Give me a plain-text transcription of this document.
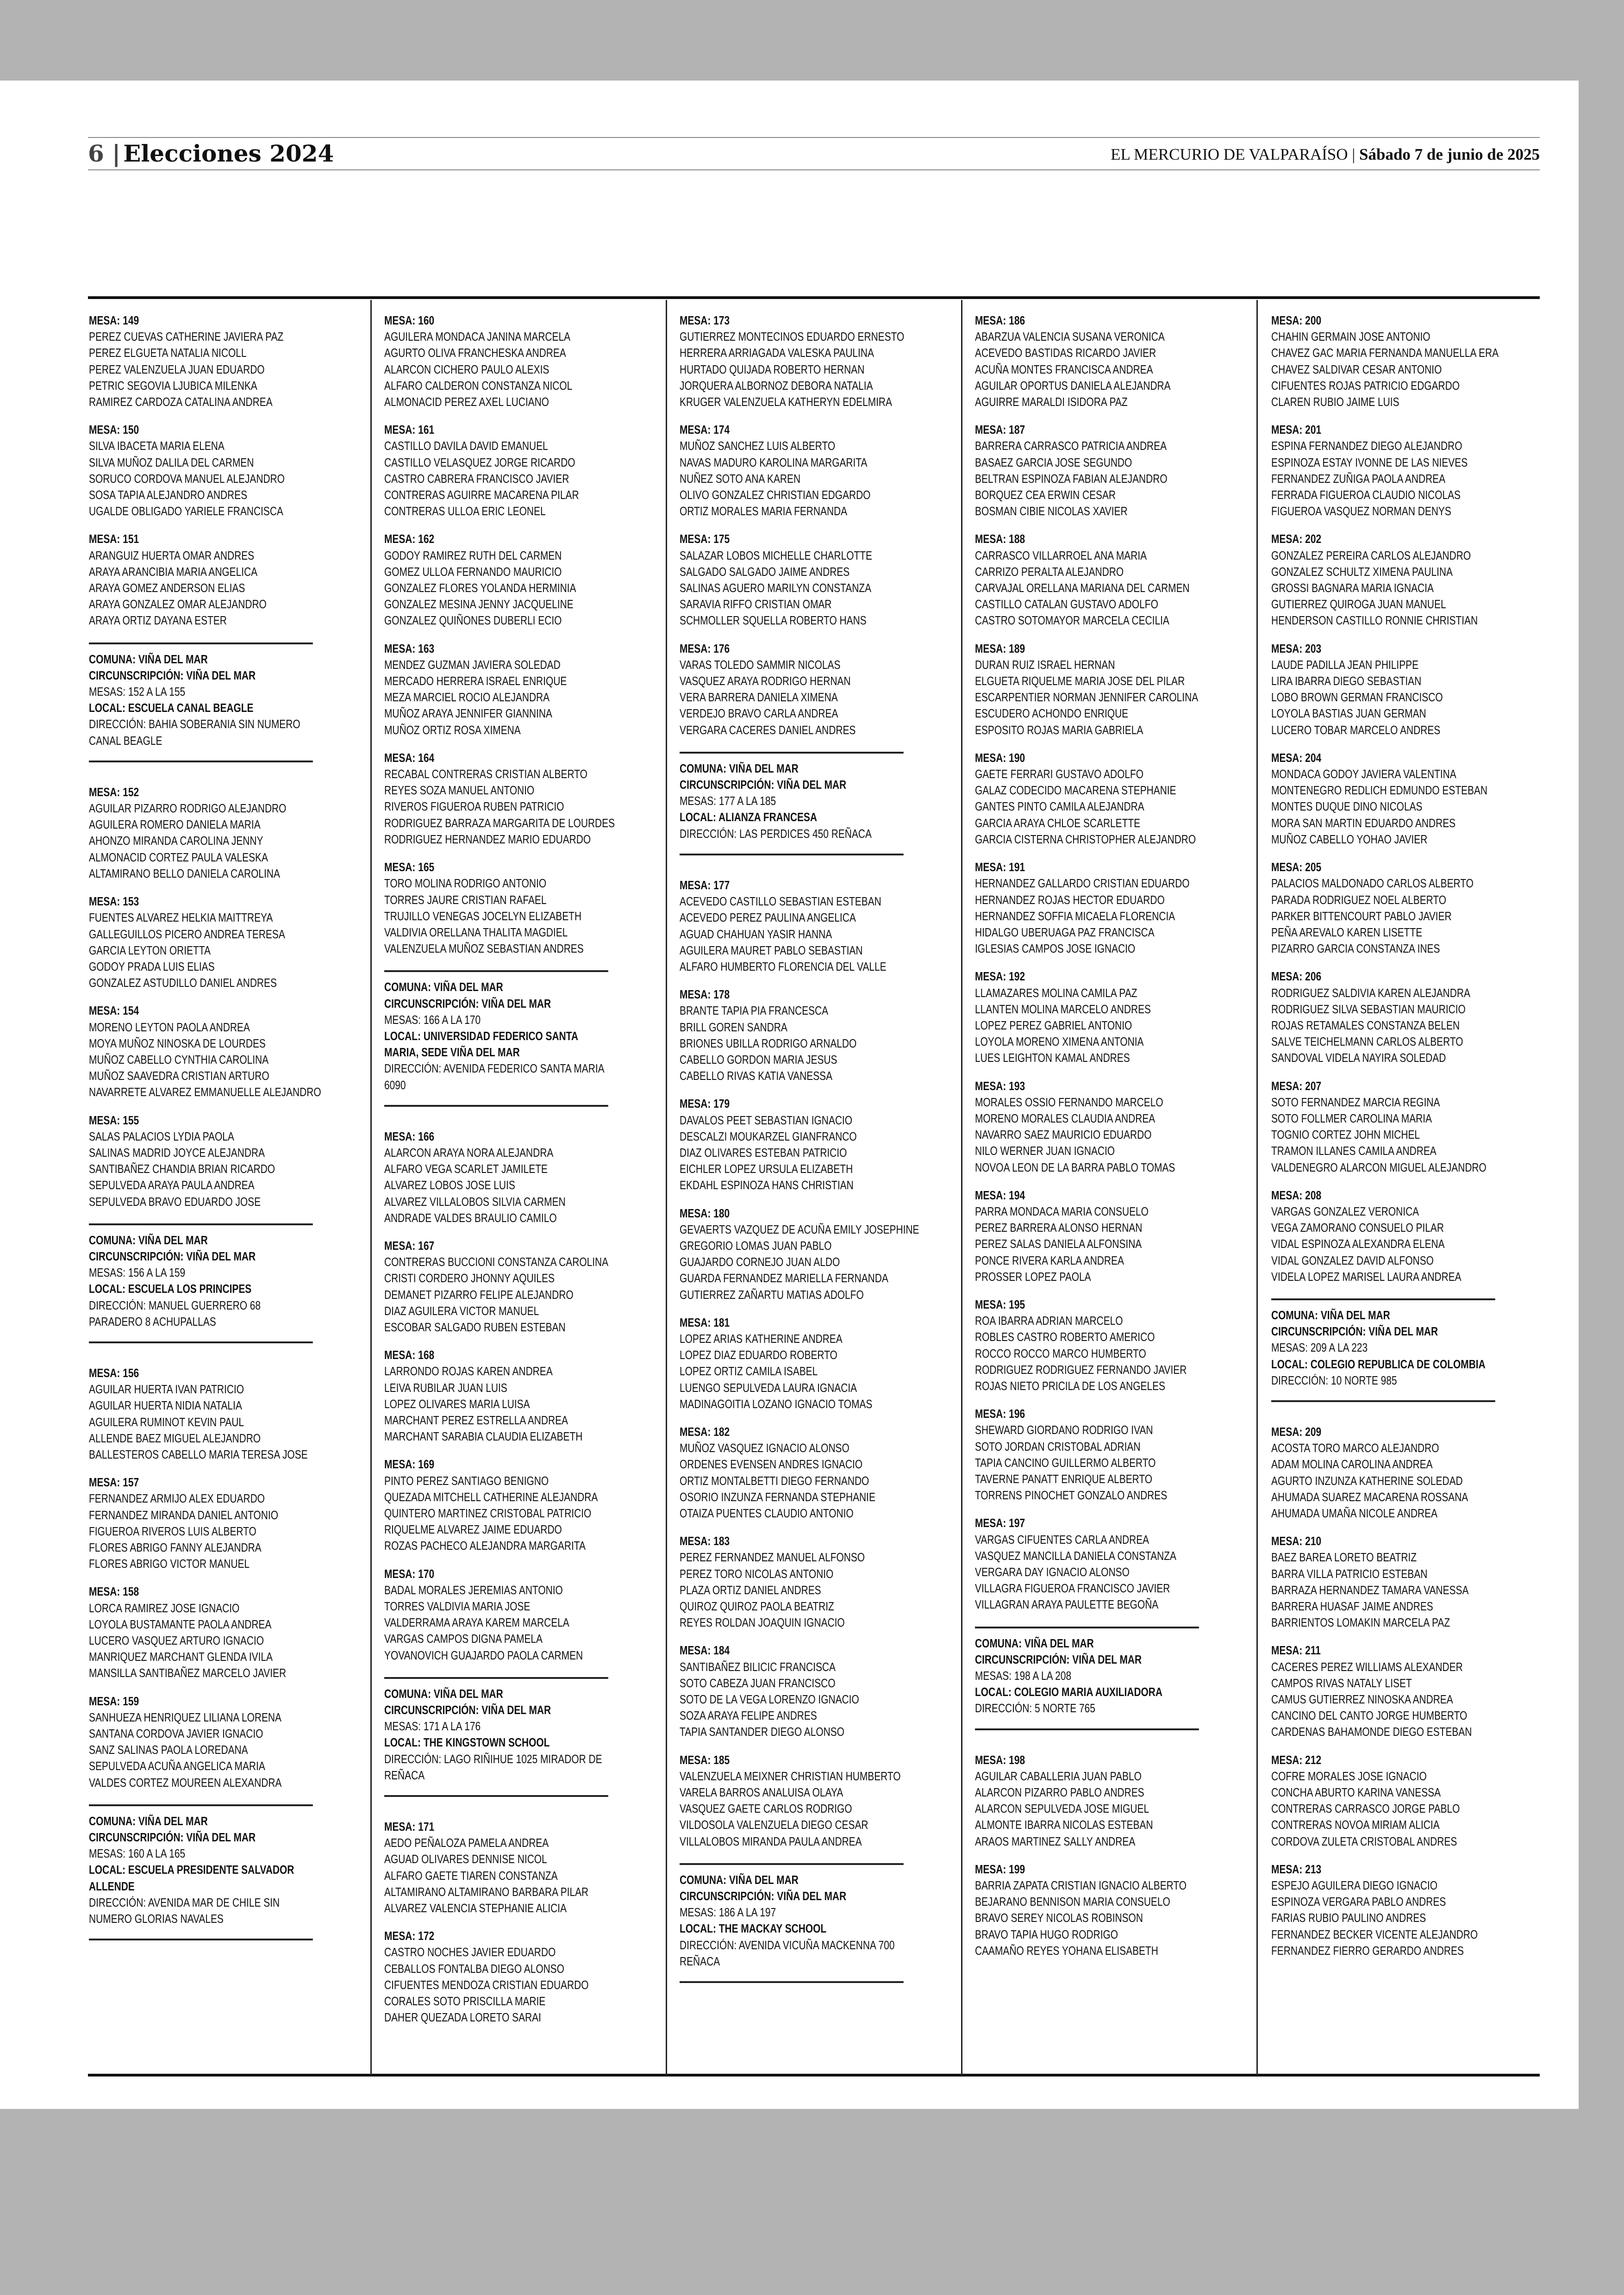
6 | Elecciones 2024	EL MERCURIO DE VALPARAÍSO | Sábado 7 de junio de 2025
MESA: 149
PEREZ CUEVAS CATHERINE JAVIERA PAZ
PEREZ ELGUETA NATALIA NICOLL
PEREZ VALENZUELA JUAN EDUARDO
PETRIC SEGOVIA LJUBICA MILENKA
RAMIREZ CARDOZA CATALINA ANDREA
MESA: 150
SILVA IBACETA MARIA ELENA
SILVA MUÑOZ DALILA DEL CARMEN
SORUCO CORDOVA MANUEL ALEJANDRO
SOSA TAPIA ALEJANDRO ANDRES
UGALDE OBLIGADO YARIELE FRANCISCA
MESA: 151
ARANGUIZ HUERTA OMAR ANDRES
ARAYA ARANCIBIA MARIA ANGELICA
ARAYA GOMEZ ANDERSON ELIAS
ARAYA GONZALEZ OMAR ALEJANDRO
ARAYA ORTIZ DAYANA ESTER
COMUNA: VIÑA DEL MAR
CIRCUNSCRIPCIÓN: VIÑA DEL MAR
MESAS: 152 A LA 155
LOCAL: ESCUELA CANAL BEAGLE
DIRECCIÓN: BAHIA SOBERANIA SIN NUMERO CANAL BEAGLE
MESA: 152
AGUILAR PIZARRO RODRIGO ALEJANDRO
AGUILERA ROMERO DANIELA MARIA
AHONZO MIRANDA CAROLINA JENNY
ALMONACID CORTEZ PAULA VALESKA
ALTAMIRANO BELLO DANIELA CAROLINA
MESA: 153
FUENTES ALVAREZ HELKIA MAITTREYA
GALLEGUILLOS PICERO ANDREA TERESA
GARCIA LEYTON ORIETTA
GODOY PRADA LUIS ELIAS
GONZALEZ ASTUDILLO DANIEL ANDRES
MESA: 154
MORENO LEYTON PAOLA ANDREA
MOYA MUÑOZ NINOSKA DE LOURDES
MUÑOZ CABELLO CYNTHIA CAROLINA
MUÑOZ SAAVEDRA CRISTIAN ARTURO
NAVARRETE ALVAREZ EMMANUELLE ALEJANDRO
MESA: 155
SALAS PALACIOS LYDIA PAOLA
SALINAS MADRID JOYCE ALEJANDRA
SANTIBAÑEZ CHANDIA BRIAN RICARDO
SEPULVEDA ARAYA PAULA ANDREA
SEPULVEDA BRAVO EDUARDO JOSE
COMUNA: VIÑA DEL MAR
CIRCUNSCRIPCIÓN: VIÑA DEL MAR
MESAS: 156 A LA 159
LOCAL: ESCUELA LOS PRINCIPES
DIRECCIÓN: MANUEL GUERRERO 68 PARADERO 8 ACHUPALLAS
MESA: 156
AGUILAR HUERTA IVAN PATRICIO
AGUILAR HUERTA NIDIA NATALIA
AGUILERA RUMINOT KEVIN PAUL
ALLENDE BAEZ MIGUEL ALEJANDRO
BALLESTEROS CABELLO MARIA TERESA JOSE
MESA: 157
FERNANDEZ ARMIJO ALEX EDUARDO
FERNANDEZ MIRANDA DANIEL ANTONIO
FIGUEROA RIVEROS LUIS ALBERTO
FLORES ABRIGO FANNY ALEJANDRA
FLORES ABRIGO VICTOR MANUEL
MESA: 158
LORCA RAMIREZ JOSE IGNACIO
LOYOLA BUSTAMANTE PAOLA ANDREA
LUCERO VASQUEZ ARTURO IGNACIO
MANRIQUEZ MARCHANT GLENDA IVILA
MANSILLA SANTIBAÑEZ MARCELO JAVIER
MESA: 159
SANHUEZA HENRIQUEZ LILIANA LORENA
SANTANA CORDOVA JAVIER IGNACIO
SANZ SALINAS PAOLA LOREDANA
SEPULVEDA ACUÑA ANGELICA MARIA
VALDES CORTEZ MOUREEN ALEXANDRA
COMUNA: VIÑA DEL MAR
CIRCUNSCRIPCIÓN: VIÑA DEL MAR
MESAS: 160 A LA 165
LOCAL: ESCUELA PRESIDENTE SALVADOR ALLENDE
DIRECCIÓN: AVENIDA MAR DE CHILE SIN NUMERO GLORIAS NAVALES
MESA: 160
AGUILERA MONDACA JANINA MARCELA
AGURTO OLIVA FRANCHESKA ANDREA
ALARCON CICHERO PAULO ALEXIS
ALFARO CALDERON CONSTANZA NICOL
ALMONACID PEREZ AXEL LUCIANO
MESA: 161
CASTILLO DAVILA DAVID EMANUEL
CASTILLO VELASQUEZ JORGE RICARDO
CASTRO CABRERA FRANCISCO JAVIER
CONTRERAS AGUIRRE MACARENA PILAR
CONTRERAS ULLOA ERIC LEONEL
MESA: 162
GODOY RAMIREZ RUTH DEL CARMEN
GOMEZ ULLOA FERNANDO MAURICIO
GONZALEZ FLORES YOLANDA HERMINIA
GONZALEZ MESINA JENNY JACQUELINE
GONZALEZ QUIÑONES DUBERLI ECIO
MESA: 163
MENDEZ GUZMAN JAVIERA SOLEDAD
MERCADO HERRERA ISRAEL ENRIQUE
MEZA MARCIEL ROCIO ALEJANDRA
MUÑOZ ARAYA JENNIFER GIANNINA
MUÑOZ ORTIZ ROSA XIMENA
MESA: 164
RECABAL CONTRERAS CRISTIAN ALBERTO
REYES SOZA MANUEL ANTONIO
RIVEROS FIGUEROA RUBEN PATRICIO
RODRIGUEZ BARRAZA MARGARITA DE LOURDES
RODRIGUEZ HERNANDEZ MARIO EDUARDO
MESA: 165
TORO MOLINA RODRIGO ANTONIO
TORRES JAURE CRISTIAN RAFAEL
TRUJILLO VENEGAS JOCELYN ELIZABETH
VALDIVIA ORELLANA THALITA MAGDIEL
VALENZUELA MUÑOZ SEBASTIAN ANDRES
COMUNA: VIÑA DEL MAR
CIRCUNSCRIPCIÓN: VIÑA DEL MAR
MESAS: 166 A LA 170
LOCAL: UNIVERSIDAD FEDERICO SANTA MARIA, SEDE VIÑA DEL MAR
DIRECCIÓN: AVENIDA FEDERICO SANTA MARIA 6090
MESA: 166
ALARCON ARAYA NORA ALEJANDRA
ALFARO VEGA SCARLET JAMILETE
ALVAREZ LOBOS JOSE LUIS
ALVAREZ VILLALOBOS SILVIA CARMEN
ANDRADE VALDES BRAULIO CAMILO
MESA: 167
CONTRERAS BUCCIONI CONSTANZA CAROLINA
CRISTI CORDERO JHONNY AQUILES
DEMANET PIZARRO FELIPE ALEJANDRO
DIAZ AGUILERA VICTOR MANUEL
ESCOBAR SALGADO RUBEN ESTEBAN
MESA: 168
LARRONDO ROJAS KAREN ANDREA
LEIVA RUBILAR JUAN LUIS
LOPEZ OLIVARES MARIA LUISA
MARCHANT PEREZ ESTRELLA ANDREA
MARCHANT SARABIA CLAUDIA ELIZABETH
MESA: 169
PINTO PEREZ SANTIAGO BENIGNO
QUEZADA MITCHELL CATHERINE ALEJANDRA
QUINTERO MARTINEZ CRISTOBAL PATRICIO
RIQUELME ALVAREZ JAIME EDUARDO
ROZAS PACHECO ALEJANDRA MARGARITA
MESA: 170
BADAL MORALES JEREMIAS ANTONIO
TORRES VALDIVIA MARIA JOSE
VALDERRAMA ARAYA KAREM MARCELA
VARGAS CAMPOS DIGNA PAMELA
YOVANOVICH GUAJARDO PAOLA CARMEN
COMUNA: VIÑA DEL MAR
CIRCUNSCRIPCIÓN: VIÑA DEL MAR
MESAS: 171 A LA 176
LOCAL: THE KINGSTOWN SCHOOL
DIRECCIÓN: LAGO RIÑIHUE 1025 MIRADOR DE REÑACA
MESA: 171
AEDO PEÑALOZA PAMELA ANDREA
AGUAD OLIVARES DENNISE NICOL
ALFARO GAETE TIAREN CONSTANZA
ALTAMIRANO ALTAMIRANO BARBARA PILAR
ALVAREZ VALENCIA STEPHANIE ALICIA
MESA: 172
CASTRO NOCHES JAVIER EDUARDO
CEBALLOS FONTALBA DIEGO ALONSO
CIFUENTES MENDOZA CRISTIAN EDUARDO
CORALES SOTO PRISCILLA MARIE
DAHER QUEZADA LORETO SARAI
MESA: 173
GUTIERREZ MONTECINOS EDUARDO ERNESTO
HERRERA ARRIAGADA VALESKA PAULINA
HURTADO QUIJADA ROBERTO HERNAN
JORQUERA ALBORNOZ DEBORA NATALIA
KRUGER VALENZUELA KATHERYN EDELMIRA
MESA: 174
MUÑOZ SANCHEZ LUIS ALBERTO
NAVAS MADURO KAROLINA MARGARITA
NUÑEZ SOTO ANA KAREN
OLIVO GONZALEZ CHRISTIAN EDGARDO
ORTIZ MORALES MARIA FERNANDA
MESA: 175
SALAZAR LOBOS MICHELLE CHARLOTTE
SALGADO SALGADO JAIME ANDRES
SALINAS AGUERO MARILYN CONSTANZA
SARAVIA RIFFO CRISTIAN OMAR
SCHMOLLER SQUELLA ROBERTO HANS
MESA: 176
VARAS TOLEDO SAMMIR NICOLAS
VASQUEZ ARAYA RODRIGO HERNAN
VERA BARRERA DANIELA XIMENA
VERDEJO BRAVO CARLA ANDREA
VERGARA CACERES DANIEL ANDRES
COMUNA: VIÑA DEL MAR
CIRCUNSCRIPCIÓN: VIÑA DEL MAR
MESAS: 177 A LA 185
LOCAL: ALIANZA FRANCESA
DIRECCIÓN: LAS PERDICES 450 REÑACA
MESA: 177
ACEVEDO CASTILLO SEBASTIAN ESTEBAN
ACEVEDO PEREZ PAULINA ANGELICA
AGUAD CHAHUAN YASIR HANNA
AGUILERA MAURET PABLO SEBASTIAN
ALFARO HUMBERTO FLORENCIA DEL VALLE
MESA: 178
BRANTE TAPIA PIA FRANCESCA
BRILL GOREN SANDRA
BRIONES UBILLA RODRIGO ARNALDO
CABELLO GORDON MARIA JESUS
CABELLO RIVAS KATIA VANESSA
MESA: 179
DAVALOS PEET SEBASTIAN IGNACIO
DESCALZI MOUKARZEL GIANFRANCO
DIAZ OLIVARES ESTEBAN PATRICIO
EICHLER LOPEZ URSULA ELIZABETH
EKDAHL ESPINOZA HANS CHRISTIAN
MESA: 180
GEVAERTS VAZQUEZ DE ACUÑA EMILY JOSEPHINE
GREGORIO LOMAS JUAN PABLO
GUAJARDO CORNEJO JUAN ALDO
GUARDA FERNANDEZ MARIELLA FERNANDA
GUTIERREZ ZAÑARTU MATIAS ADOLFO
MESA: 181
LOPEZ ARIAS KATHERINE ANDREA
LOPEZ DIAZ EDUARDO ROBERTO
LOPEZ ORTIZ CAMILA ISABEL
LUENGO SEPULVEDA LAURA IGNACIA
MADINAGOITIA LOZANO IGNACIO TOMAS
MESA: 182
MUÑOZ VASQUEZ IGNACIO ALONSO
ORDENES EVENSEN ANDRES IGNACIO
ORTIZ MONTALBETTI DIEGO FERNANDO
OSORIO INZUNZA FERNANDA STEPHANIE
OTAIZA PUENTES CLAUDIO ANTONIO
MESA: 183
PEREZ FERNANDEZ MANUEL ALFONSO
PEREZ TORO NICOLAS ANTONIO
PLAZA ORTIZ DANIEL ANDRES
QUIROZ QUIROZ PAOLA BEATRIZ
REYES ROLDAN JOAQUIN IGNACIO
MESA: 184
SANTIBAÑEZ BILICIC FRANCISCA
SOTO CABEZA JUAN FRANCISCO
SOTO DE LA VEGA LORENZO IGNACIO
SOZA ARAYA FELIPE ANDRES
TAPIA SANTANDER DIEGO ALONSO
MESA: 185
VALENZUELA MEIXNER CHRISTIAN HUMBERTO
VARELA BARROS ANALUISA OLAYA
VASQUEZ GAETE CARLOS RODRIGO
VILDOSOLA VALENZUELA DIEGO CESAR
VILLALOBOS MIRANDA PAULA ANDREA
COMUNA: VIÑA DEL MAR
CIRCUNSCRIPCIÓN: VIÑA DEL MAR
MESAS: 186 A LA 197
LOCAL: THE MACKAY SCHOOL
DIRECCIÓN: AVENIDA VICUÑA MACKENNA 700 REÑACA
MESA: 186
ABARZUA VALENCIA SUSANA VERONICA
ACEVEDO BASTIDAS RICARDO JAVIER
ACUÑA MONTES FRANCISCA ANDREA
AGUILAR OPORTUS DANIELA ALEJANDRA
AGUIRRE MARALDI ISIDORA PAZ
MESA: 187
BARRERA CARRASCO PATRICIA ANDREA
BASAEZ GARCIA JOSE SEGUNDO
BELTRAN ESPINOZA FABIAN ALEJANDRO
BORQUEZ CEA ERWIN CESAR
BOSMAN CIBIE NICOLAS XAVIER
MESA: 188
CARRASCO VILLARROEL ANA MARIA
CARRIZO PERALTA ALEJANDRO
CARVAJAL ORELLANA MARIANA DEL CARMEN
CASTILLO CATALAN GUSTAVO ADOLFO
CASTRO SOTOMAYOR MARCELA CECILIA
MESA: 189
DURAN RUIZ ISRAEL HERNAN
ELGUETA RIQUELME MARIA JOSE DEL PILAR
ESCARPENTIER NORMAN JENNIFER CAROLINA
ESCUDERO ACHONDO ENRIQUE
ESPOSITO ROJAS MARIA GABRIELA
MESA: 190
GAETE FERRARI GUSTAVO ADOLFO
GALAZ CODECIDO MACARENA STEPHANIE
GANTES PINTO CAMILA ALEJANDRA
GARCIA ARAYA CHLOE SCARLETTE
GARCIA CISTERNA CHRISTOPHER ALEJANDRO
MESA: 191
HERNANDEZ GALLARDO CRISTIAN EDUARDO
HERNANDEZ ROJAS HECTOR EDUARDO
HERNANDEZ SOFFIA MICAELA FLORENCIA
HIDALGO UBERUAGA PAZ FRANCISCA
IGLESIAS CAMPOS JOSE IGNACIO
MESA: 192
LLAMAZARES MOLINA CAMILA PAZ
LLANTEN MOLINA MARCELO ANDRES
LOPEZ PEREZ GABRIEL ANTONIO
LOYOLA MORENO XIMENA ANTONIA
LUES LEIGHTON KAMAL ANDRES
MESA: 193
MORALES OSSIO FERNANDO MARCELO
MORENO MORALES CLAUDIA ANDREA
NAVARRO SAEZ MAURICIO EDUARDO
NILO WERNER JUAN IGNACIO
NOVOA LEON DE LA BARRA PABLO TOMAS
MESA: 194
PARRA MONDACA MARIA CONSUELO
PEREZ BARRERA ALONSO HERNAN
PEREZ SALAS DANIELA ALFONSINA
PONCE RIVERA KARLA ANDREA
PROSSER LOPEZ PAOLA
MESA: 195
ROA IBARRA ADRIAN MARCELO
ROBLES CASTRO ROBERTO AMERICO
ROCCO ROCCO MARCO HUMBERTO
RODRIGUEZ RODRIGUEZ FERNANDO JAVIER
ROJAS NIETO PRICILA DE LOS ANGELES
MESA: 196
SHEWARD GIORDANO RODRIGO IVAN
SOTO JORDAN CRISTOBAL ADRIAN
TAPIA CANCINO GUILLERMO ALBERTO
TAVERNE PANATT ENRIQUE ALBERTO
TORRENS PINOCHET GONZALO ANDRES
MESA: 197
VARGAS CIFUENTES CARLA ANDREA
VASQUEZ MANCILLA DANIELA CONSTANZA
VERGARA DAY IGNACIO ALONSO
VILLAGRA FIGUEROA FRANCISCO JAVIER
VILLAGRAN ARAYA PAULETTE BEGOÑA
COMUNA: VIÑA DEL MAR
CIRCUNSCRIPCIÓN: VIÑA DEL MAR
MESAS: 198 A LA 208
LOCAL: COLEGIO MARIA AUXILIADORA
DIRECCIÓN: 5 NORTE 765
MESA: 198
AGUILAR CABALLERIA JUAN PABLO
ALARCON PIZARRO PABLO ANDRES
ALARCON SEPULVEDA JOSE MIGUEL
ALMONTE IBARRA NICOLAS ESTEBAN
ARAOS MARTINEZ SALLY ANDREA
MESA: 199
BARRIA ZAPATA CRISTIAN IGNACIO ALBERTO
BEJARANO BENNISON MARIA CONSUELO
BRAVO SEREY NICOLAS ROBINSON
BRAVO TAPIA HUGO RODRIGO
CAAMAÑO REYES YOHANA ELISABETH
MESA: 200
CHAHIN GERMAIN JOSE ANTONIO
CHAVEZ GAC MARIA FERNANDA MANUELLA ERA
CHAVEZ SALDIVAR CESAR ANTONIO
CIFUENTES ROJAS PATRICIO EDGARDO
CLAREN RUBIO JAIME LUIS
MESA: 201
ESPINA FERNANDEZ DIEGO ALEJANDRO
ESPINOZA ESTAY IVONNE DE LAS NIEVES
FERNANDEZ ZUÑIGA PAOLA ANDREA
FERRADA FIGUEROA CLAUDIO NICOLAS
FIGUEROA VASQUEZ NORMAN DENYS
MESA: 202
GONZALEZ PEREIRA CARLOS ALEJANDRO
GONZALEZ SCHULTZ XIMENA PAULINA
GROSSI BAGNARA MARIA IGNACIA
GUTIERREZ QUIROGA JUAN MANUEL
HENDERSON CASTILLO RONNIE CHRISTIAN
MESA: 203
LAUDE PADILLA JEAN PHILIPPE
LIRA IBARRA DIEGO SEBASTIAN
LOBO BROWN GERMAN FRANCISCO
LOYOLA BASTIAS JUAN GERMAN
LUCERO TOBAR MARCELO ANDRES
MESA: 204
MONDACA GODOY JAVIERA VALENTINA
MONTENEGRO REDLICH EDMUNDO ESTEBAN
MONTES DUQUE DINO NICOLAS
MORA SAN MARTIN EDUARDO ANDRES
MUÑOZ CABELLO YOHAO JAVIER
MESA: 205
PALACIOS MALDONADO CARLOS ALBERTO
PARADA RODRIGUEZ NOEL ALBERTO
PARKER BITTENCOURT PABLO JAVIER
PEÑA AREVALO KAREN LISETTE
PIZARRO GARCIA CONSTANZA INES
MESA: 206
RODRIGUEZ SALDIVIA KAREN ALEJANDRA
RODRIGUEZ SILVA SEBASTIAN MAURICIO
ROJAS RETAMALES CONSTANZA BELEN
SALVE TEICHELMANN CARLOS ALBERTO
SANDOVAL VIDELA NAYIRA SOLEDAD
MESA: 207
SOTO FERNANDEZ MARCIA REGINA
SOTO FOLLMER CAROLINA MARIA
TOGNIO CORTEZ JOHN MICHEL
TRAMON ILLANES CAMILA ANDREA
VALDENEGRO ALARCON MIGUEL ALEJANDRO
MESA: 208
VARGAS GONZALEZ VERONICA
VEGA ZAMORANO CONSUELO PILAR
VIDAL ESPINOZA ALEXANDRA ELENA
VIDAL GONZALEZ DAVID ALFONSO
VIDELA LOPEZ MARISEL LAURA ANDREA
COMUNA: VIÑA DEL MAR
CIRCUNSCRIPCIÓN: VIÑA DEL MAR
MESAS: 209 A LA 223
LOCAL: COLEGIO REPUBLICA DE COLOMBIA
DIRECCIÓN: 10 NORTE 985
MESA: 209
ACOSTA TORO MARCO ALEJANDRO
ADAM MOLINA CAROLINA ANDREA
AGURTO INZUNZA KATHERINE SOLEDAD
AHUMADA SUAREZ MACARENA ROSSANA
AHUMADA UMAÑA NICOLE ANDREA
MESA: 210
BAEZ BAREA LORETO BEATRIZ
BARRA VILLA PATRICIO ESTEBAN
BARRAZA HERNANDEZ TAMARA VANESSA
BARRERA HUASAF JAIME ANDRES
BARRIENTOS LOMAKIN MARCELA PAZ
MESA: 211
CACERES PEREZ WILLIAMS ALEXANDER
CAMPOS RIVAS NATALY LISET
CAMUS GUTIERREZ NINOSKA ANDREA
CANCINO DEL CANTO JORGE HUMBERTO
CARDENAS BAHAMONDE DIEGO ESTEBAN
MESA: 212
COFRE MORALES JOSE IGNACIO
CONCHA ABURTO KARINA VANESSA
CONTRERAS CARRASCO JORGE PABLO
CONTRERAS NOVOA MIRIAM ALICIA
CORDOVA ZULETA CRISTOBAL ANDRES
MESA: 213
ESPEJO AGUILERA DIEGO IGNACIO
ESPINOZA VERGARA PABLO ANDRES
FARIAS RUBIO PAULINO ANDRES
FERNANDEZ BECKER VICENTE ALEJANDRO
FERNANDEZ FIERRO GERARDO ANDRES
